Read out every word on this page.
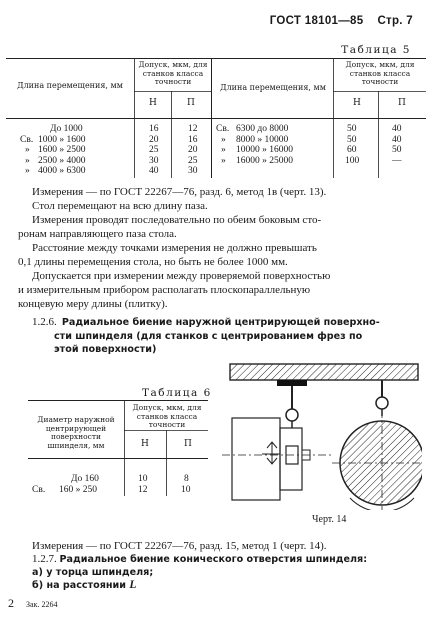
ГОСТ 18101—85 Стр. 7
Таблица 5
Длина перемещения, мм
Допуск, мкм, для станков класса точности
Н	П
Длина перемещения, мм
Допуск, мкм, для станков класса точности
Н	П
До 1000	16	12
Св. 1000 » 1600	20	16
» 1600 » 2500	25	20
» 2500 » 4000	30	25
» 4000 » 6300	40	30
Св. 6300 до 8000	50	40
» 8000 » 10000	50	40
» 10000 » 16000	60	50
» 16000 » 25000	100	—
Измерения — по ГОСТ 22267—76, разд. 6, метод 1в (черт. 13).
Стол перемещают на всю длину паза.
Измерения проводят последовательно по обеим боковым сто-
ронам направляющего паза стола.
Расстояние между точками измерения не должно превышать
0,1 длины перемещения стола, но быть не более 1000 мм.
Допускается при измерении между проверяемой поверхностью
и измерительным прибором располагать плоскопараллельную
концевую меру длины (плитку).
1.2.6. Радиальное биение наружной центрирующей поверхно-
сти шпинделя (для станков с центрированием фрез по
этой поверхности)
Таблица 6
Диаметр наружной центрирующей поверхности шпинделя, мм
Допуск, мкм, для станков класса точности
Н	П
До 160	10	8
Св. 160 » 250	12	10
Черт. 14
Измерения — по ГОСТ 22267—76, разд. 15, метод 1 (черт. 14).
1.2.7. Радиальное биение конического отверстия шпинделя:
а) у торца шпинделя;
б) на расстоянии L
2 Зак. 2264
